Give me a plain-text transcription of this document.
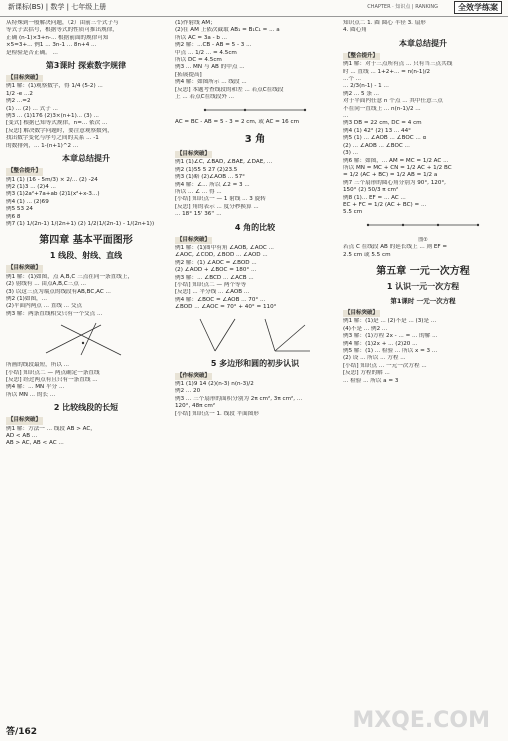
新课标(BS) | 数学 | 七年级上册	CHAPTER · 知识点 | RANKING	全效学练案

从特殊到一般解决问题，（2）由前三个式子与

等式子去括号，根据等式的性质可推出规律，

正确 (n-1)×3+n-... 根据前面的规律可知

×5=3+... 例1 ... 3n-1 ... 8n+4 ...

是检验是否正确。 ...

第3课时 探索数字规律
【目标突破】

例1 解：(1)观察数字，得 1/4 (5-2) ...

1/2 -e ...2

例2 ...=2

(1) ... (2) ... 式子 ...

例3 ... (1)176 (2)3×(n+1)... (3) ...

[变式] 根据已知等式规律，n=... 依次 ...

[反思] 解决数字问题时，要注意观察数列，

找出数字变化与序号之间的关系 ... -1

的数排列，... 1-(n+1)^2 ...

本章总结提升
【整合提升】

例1 (1) (16 - 5m/3) × 2/... (2) -24

例2 (1)3 ... (2)4 ...

例3 (1)2a²+7a+ab (2)1(x²+x-3...)

例4 (1) ... (2)69

例5 53 24

例6 8

例7 (1) 1/(2n-1) 1/(2n+1) (2) 1/2(1/(2n-1) - 1/(2n+1))

第四章 基本平面图形
1 线段、射线、直线
【目标突破】

例1 解：(1)如图，点 A,B,C 三点在同一条直线上，

(2) 射线有 ... 由点A,B,C三点 ...

(3) 以这三点为端点的线段有AB,BC,AC ...

例2 (1)如图，...

(2)平面内两点 ... 直线 ... 交点

例3 解：两条直线相交只有一个交点 ...

所画的线段最短，所以 ...

[小结] 知识点二 — 两点确定一条直线

[反思] 经过两点有且只有一条直线 ...

例4 解：... MN 平分 ...

所以 MN ... 的长 ...

2 比较线段的长短
【目标突破】

例1 解：方法一 ... 线段 AB > AC，

AD < AB ...

AB > AC, AB < AC ...

(1)作射线 AM；

(2)在 AM 上依次截取 AB₁ = B₁C₁ = ... a

所以 AC = 3a - b ...

例2 解：...CB - AB = 5 - 3 ...

中点 ... 1/2 ... = 4.5cm

所以 DC = 4.5cm

例3 ... MN 与 AB 的中点 ...

[拓展提高]

例4 解：如图所示 ... 线段 ...

[反思] 本题考查线段的和差 ... 若点C在线段

上 ... 若点C在线段外 ...

AC = BC - AB = 5 - 3 = 2 cm, 或 AC = 16 cm

3 角
【目标突破】

例1 (1)∠C, ∠BAD, ∠BAE, ∠DAE, ...

例2 (1)55 5 27 (2)23.5

例3 (1)略 (2)∠AOB ... 57°

例4 解：∠... 所以 ∠2 = 3 ...

所以 ... ∠ ... 得 ...

[小结] 知识点一 — 1 射线 ... 3 旋转

[反思] 角的表示 ... 度分秒换算 ...

... 18° 15' 36'' ...

4 角的比较
【目标突破】

例1 解：(1)图中有角 ∠AOB, ∠AOC ...

∠AOC, ∠COD, ∠BOD ... ∠AOD ...

例2 解：(1) ∠AOC = ∠BOD ...

(2) ∠AOD + ∠BOC = 180° ...

例3 解：... ∠BCD ... ∠ACB ...

[小结] 知识点二 — 两个等等

[反思] ... 平分线 ... ∠AOB ...

例4 解：∠BOC = ∠AOB ... 70° ...

∠BOD ... ∠AOC = 70° + 40° = 110°

5 多边形和圆的初步认识
【作标突破】

例1 (1)9 14 (2)(n-3) n(n-3)/2

例2 ... 20

例3 ... 三个扇形的面积分别为 2π cm², 3π cm², ...

120°, 48π cm²

[小结] 知识点一 1. 线段 平面图形

知识点二 1. 圆 圆心 半径 3. 扇形

4. 圆心角

本章总结提升
【整合提升】

例1 解：对于三点所有点 ... 只有当三点共线

时 ... 直线 ... 1+2+... = n(n-1)/2

...个 ...

... 2/3(n-1) - 1 ...

例2 ... 5 条 ...

对于平面内任意 n 个点 ... 其中任意三点

不在同一直线上 ... n(n-1)/2 ...

...

例3 DB = 22 cm, DC = 4 cm

例4 (1) 42° (2) 13 ... 44°

例5 (1) ... ∠AOB ... ∠BOC ... α

(2) ... ∠AOB ... ∠BOC ...

(3) ...

例6 解：如图，... AM = MC = 1/2 AC ...

所以 MN = MC + CN = 1/2 AC + 1/2 BC

= 1/2 (AC + BC) = 1/2 AB = 1/2 a

例7 三个扇形的圆心角分别为 90°, 120°,

150° (2) 50/3 π cm²

例8 (1)... EF = ... AC ...

EC + FC = 1/2 (AC + BC) = ...

5.5 cm

图①

若点 C 在线段 AB 的延长线上 ... 则 EF =

2.5 cm 或 5.5 cm

第五章 一元一次方程
1 认识一元一次方程
第1课时 一元一次方程
【目标突破】

例1 解：(1)是 ... (2)不是 ... (3)是 ...

(4)不是 ... 例2 ...

例3 解：(1)方程 2x - ... = ... 的解 ...

例4 解：(1)2x + ... (2)20 ...

例5 解：(1) ... 检验 ... 所以 x = 3 ...

(2) 设 ... 所以 ... 方程 ...

[小结] 知识点 ... 一元一次方程 ...

[反思] 方程的解 ...

... 检验 ... 所以 a = 3

MXQE.COM
答/162
